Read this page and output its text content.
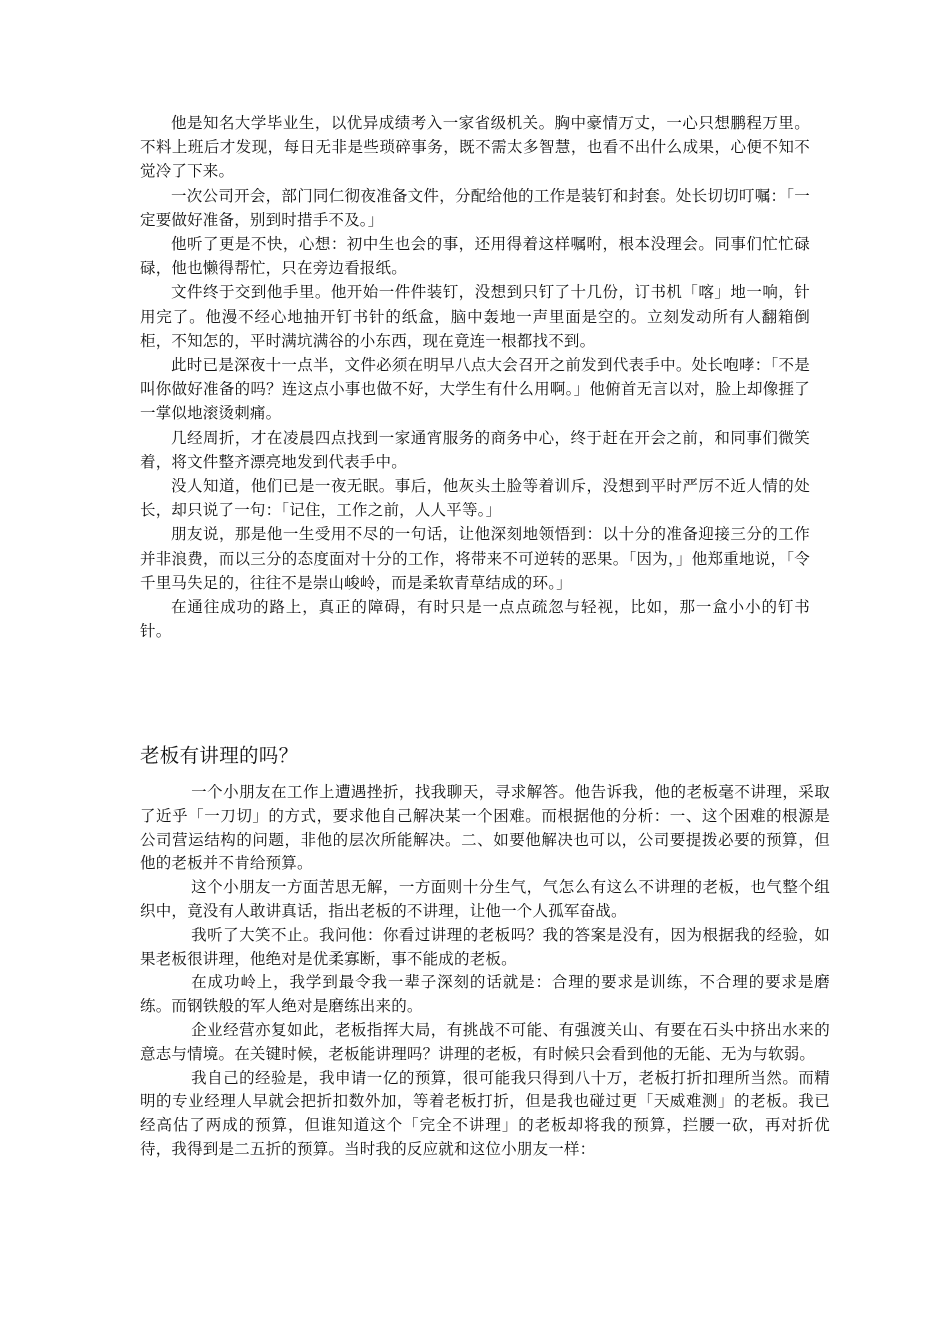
他是知名大学毕业生，以优异成绩考入一家省级机关。胸中豪情万丈，一心只想鹏程万里。不料上班后才发现，每日无非是些琐碎事务，既不需太多智慧，也看不出什么成果，心便不知不觉冷了下来。

一次公司开会，部门同仁彻夜准备文件，分配给他的工作是装钉和封套。处长切切叮嘱：「一定要做好准备，别到时措手不及。」

他听了更是不快，心想：初中生也会的事，还用得着这样嘱咐，根本没理会。同事们忙忙碌碌，他也懒得帮忙，只在旁边看报纸。

文件终于交到他手里。他开始一件件装钉，没想到只钉了十几份，订书机「喀」地一响，针用完了。他漫不经心地抽开钉书针的纸盒，脑中轰地一声里面是空的。立刻发动所有人翻箱倒柜，不知怎的，平时满坑满谷的小东西，现在竟连一根都找不到。

此时已是深夜十一点半，文件必须在明早八点大会召开之前发到代表手中。处长咆哮：「不是叫你做好准备的吗？连这点小事也做不好，大学生有什么用啊。」他俯首无言以对，脸上却像捱了一掌似地滚烫刺痛。

几经周折，才在凌晨四点找到一家通宵服务的商务中心，终于赶在开会之前，和同事们微笑着，将文件整齐漂亮地发到代表手中。

没人知道，他们已是一夜无眠。事后，他灰头土脸等着训斥，没想到平时严厉不近人情的处长，却只说了一句：「记住，工作之前，人人平等。」

朋友说，那是他一生受用不尽的一句话，让他深刻地领悟到：以十分的准备迎接三分的工作并非浪费，而以三分的态度面对十分的工作，将带来不可逆转的恶果。「因为，」他郑重地说，「令千里马失足的，往往不是崇山峻岭，而是柔软青草结成的环。」

在通往成功的路上，真正的障碍，有时只是一点点疏忽与轻视，比如，那一盒小小的钉书针。

老板有讲理的吗？

一个小朋友在工作上遭遇挫折，找我聊天，寻求解答。他告诉我，他的老板毫不讲理，采取了近乎「一刀切」的方式，要求他自己解决某一个困难。而根据他的分析：一、这个困难的根源是公司营运结构的问题，非他的层次所能解决。二、如要他解决也可以，公司要提拨必要的预算，但他的老板并不肯给预算。

这个小朋友一方面苦思无解，一方面则十分生气，气怎么有这么不讲理的老板，也气整个组织中，竟没有人敢讲真话，指出老板的不讲理，让他一个人孤军奋战。

我听了大笑不止。我问他：你看过讲理的老板吗？我的答案是没有，因为根据我的经验，如果老板很讲理，他绝对是优柔寡断，事不能成的老板。

在成功岭上，我学到最令我一辈子深刻的话就是：合理的要求是训练，不合理的要求是磨练。而钢铁般的军人绝对是磨练出来的。

企业经营亦复如此，老板指挥大局，有挑战不可能、有强渡关山、有要在石头中挤出水来的意志与情境。在关键时候，老板能讲理吗？讲理的老板，有时候只会看到他的无能、无为与软弱。

我自己的经验是，我申请一亿的预算，很可能我只得到八十万，老板打折扣理所当然。而精明的专业经理人早就会把折扣数外加，等着老板打折，但是我也碰过更「天威难测」的老板。我已经高估了两成的预算，但谁知道这个「完全不讲理」的老板却将我的预算，拦腰一砍，再对折优待，我得到是二五折的预算。当时我的反应就和这位小朋友一样：
